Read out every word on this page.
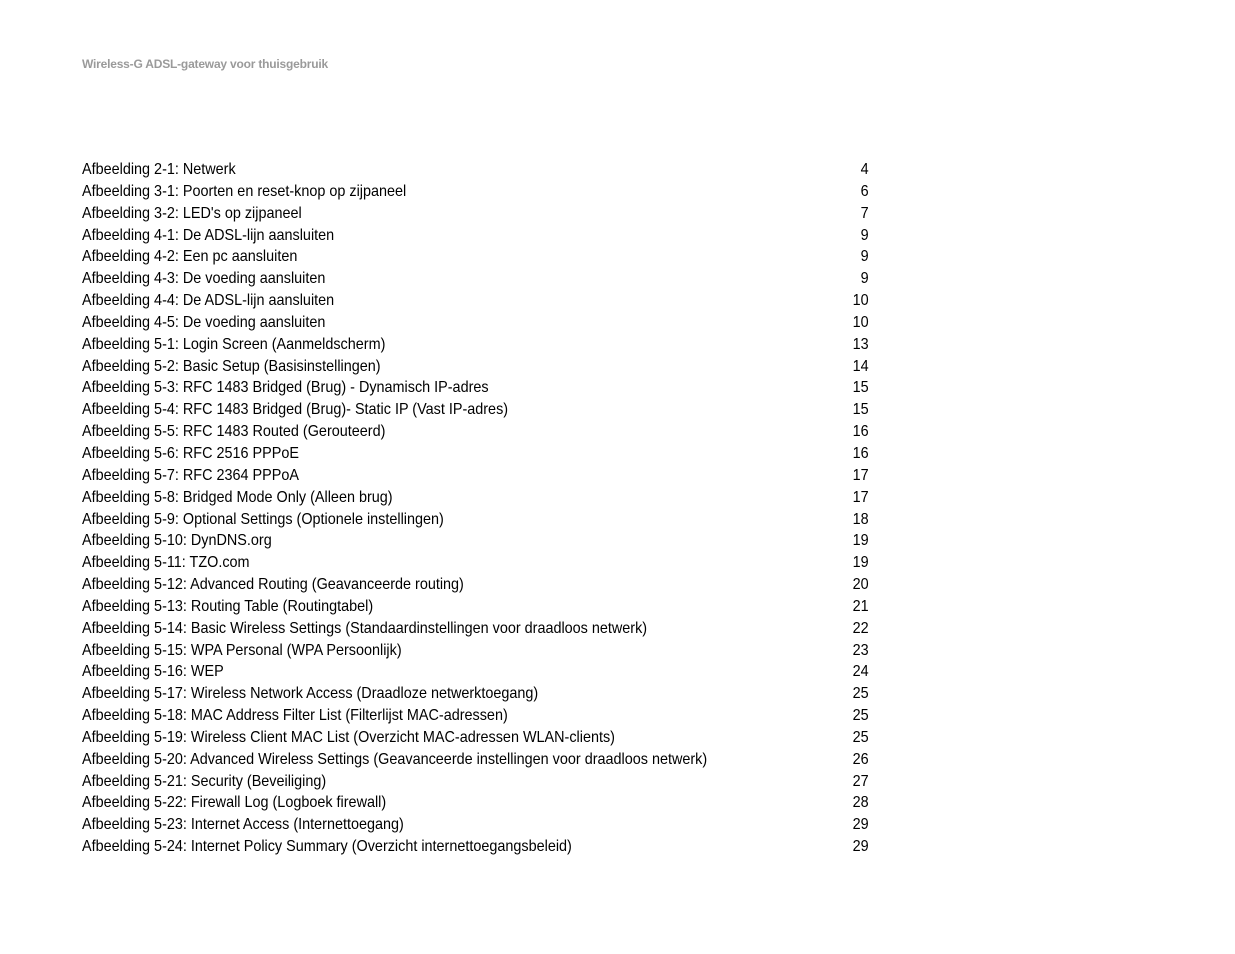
Wireless-G ADSL-gateway voor thuisgebruik
Afbeelding 2-1: Netwerk	4
Afbeelding 3-1: Poorten en reset-knop op zijpaneel	6
Afbeelding 3-2: LED's op zijpaneel	7
Afbeelding 4-1: De ADSL-lijn aansluiten	9
Afbeelding 4-2: Een pc aansluiten	9
Afbeelding 4-3: De voeding aansluiten	9
Afbeelding 4-4: De ADSL-lijn aansluiten	10
Afbeelding 4-5: De voeding aansluiten	10
Afbeelding 5-1: Login Screen (Aanmeldscherm)	13
Afbeelding 5-2: Basic Setup (Basisinstellingen)	14
Afbeelding 5-3: RFC 1483 Bridged (Brug) - Dynamisch IP-adres	15
Afbeelding 5-4: RFC 1483 Bridged (Brug)- Static IP (Vast IP-adres)	15
Afbeelding 5-5: RFC 1483 Routed (Gerouteerd)	16
Afbeelding 5-6: RFC 2516 PPPoE	16
Afbeelding 5-7: RFC 2364 PPPoA	17
Afbeelding 5-8: Bridged Mode Only (Alleen brug)	17
Afbeelding 5-9: Optional Settings (Optionele instellingen)	18
Afbeelding 5-10: DynDNS.org	19
Afbeelding 5-11: TZO.com	19
Afbeelding 5-12: Advanced Routing (Geavanceerde routing)	20
Afbeelding 5-13: Routing Table (Routingtabel)	21
Afbeelding 5-14: Basic Wireless Settings (Standaardinstellingen voor draadloos netwerk)	22
Afbeelding 5-15: WPA Personal (WPA Persoonlijk)	23
Afbeelding 5-16: WEP	24
Afbeelding 5-17: Wireless Network Access (Draadloze netwerktoegang)	25
Afbeelding 5-18: MAC Address Filter List (Filterlijst MAC-adressen)	25
Afbeelding 5-19: Wireless Client MAC List (Overzicht MAC-adressen WLAN-clients)	25
Afbeelding 5-20: Advanced Wireless Settings (Geavanceerde instellingen voor draadloos netwerk)	26
Afbeelding 5-21: Security (Beveiliging)	27
Afbeelding 5-22: Firewall Log (Logboek firewall)	28
Afbeelding 5-23: Internet Access (Internettoegang)	29
Afbeelding 5-24: Internet Policy Summary (Overzicht internettoegangsbeleid)	29
